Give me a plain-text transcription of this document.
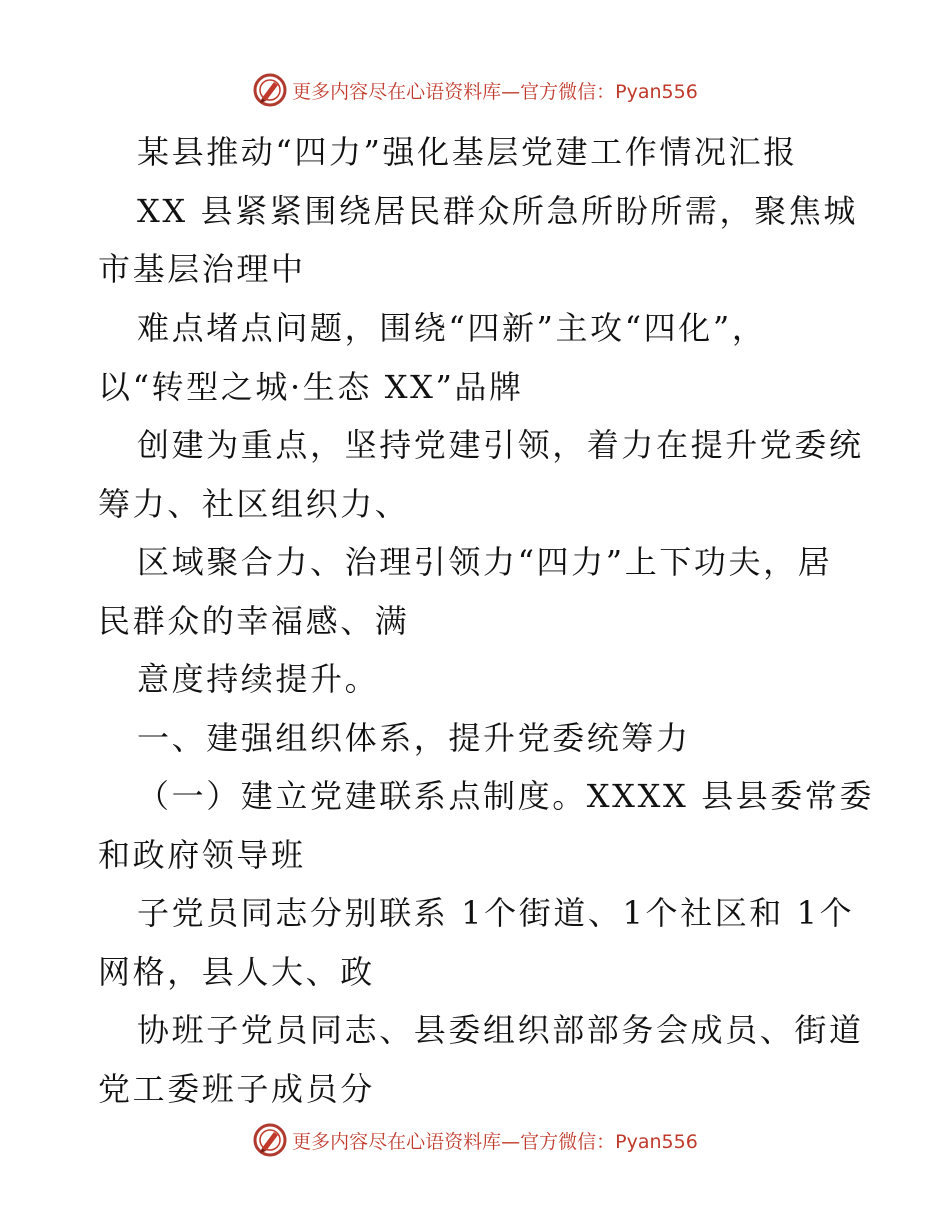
更多内容尽在心语资料库—官方微信：Pyan556
某县推动“四力”强化基层党建工作情况汇报
XX 县紧紧围绕居民群众所急所盼所需，聚焦城
市基层治理中
难点堵点问题，围绕“四新”主攻“四化”，
以“转型之城·生态 XX”品牌
创建为重点，坚持党建引领，着力在提升党委统
筹力、社区组织力、
区域聚合力、治理引领力“四力”上下功夫，居
民群众的幸福感、满
意度持续提升。
一、建强组织体系，提升党委统筹力
（一）建立党建联系点制度。XXXX 县县委常委
和政府领导班
子党员同志分别联系 1个街道、1个社区和 1个
网格，县人大、政
协班子党员同志、县委组织部部务会成员、街道
党工委班子成员分
更多内容尽在心语资料库—官方微信：Pyan556
